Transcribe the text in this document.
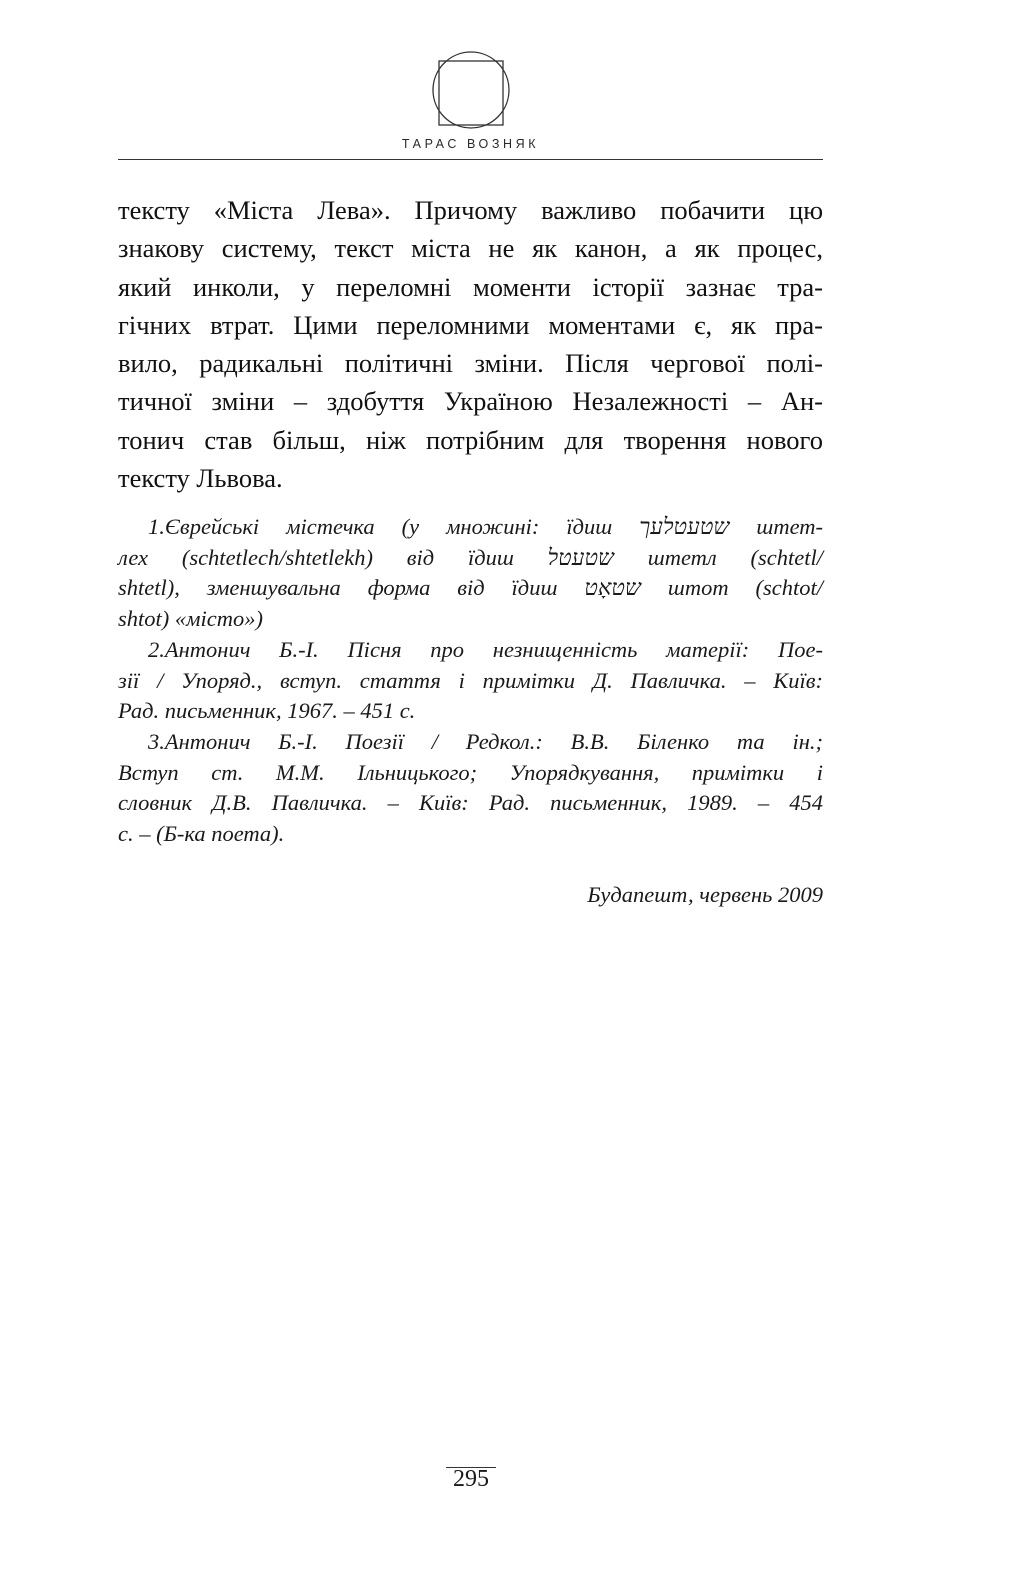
ТАРАС ВОЗНЯК

тексту «Міста Лева». Причому важливо побачити цю
знакову систему, текст міста не як канон, а як процес,
який инколи, у переломні моменти історії зазнає тра-
гічних втрат. Цими переломними моментами є, як пра-
вило, радикальні політичні зміни. Після чергової полі-
тичної зміни – здобуття Україною Незалежності – Ан-
тонич став більш, ніж потрібним для творення нового
тексту Львова.

1.Єврейські містечка (у множині: їдиш שטעטלעך штет-
лех (schtetlech/shtetlekh) від їдиш שטעטל штетл (schtetl/
shtetl), зменшувальна форма від їдиш שטאָט штот (schtot/
shtot) «місто»)

2.Антонич Б.-І. Пісня про незнищенність матерії: Пое-
зії / Упоряд., вступ. стаття і примітки Д. Павличка. – Київ:
Рад. письменник, 1967. – 451 с.

3.Антонич Б.-І. Поезії / Редкол.: В.В. Біленко та ін.;
Вступ ст. М.М. Ільницького; Упорядкування, примітки і
словник Д.В. Павличка. – Київ: Рад. письменник, 1989. – 454
с. – (Б-ка поета).

Будапешт, червень 2009
295
